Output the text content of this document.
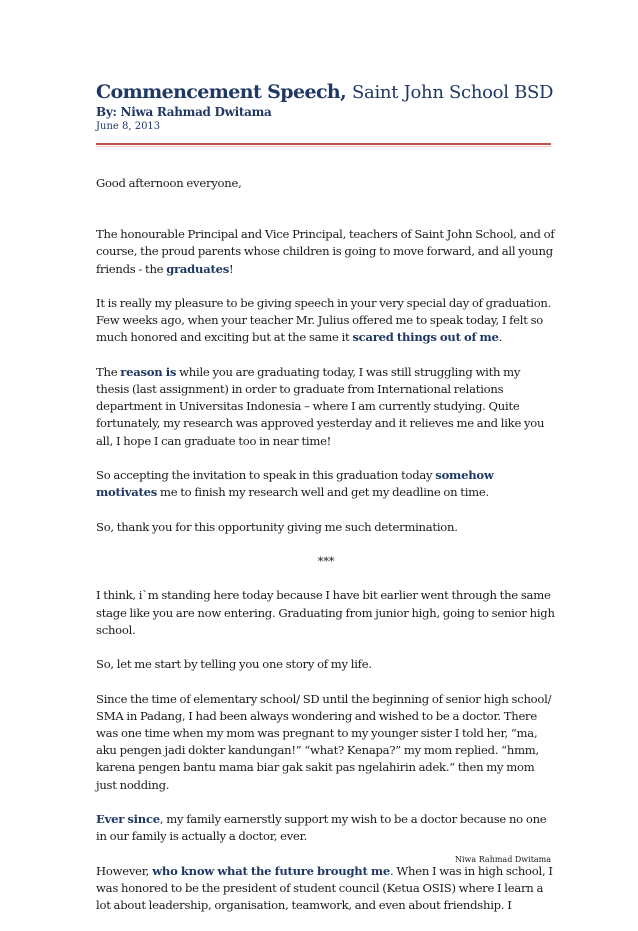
Commencement Speech, Saint John School BSD
By: Niwa Rahmad Dwitama
June 8, 2013

Good afternoon everyone,

The honourable Principal and Vice Principal, teachers of Saint John School, and of course, the proud parents whose children is going to move forward, and all young friends - the graduates!

It is really my pleasure to be giving speech in your very special day of graduation. Few weeks ago, when your teacher Mr. Julius offered me to speak today, I felt so much honored and exciting but at the same it scared things out of me.

The reason is while you are graduating today, I was still struggling with my thesis (last assignment) in order to graduate from International relations department in Universitas Indonesia – where I am currently studying. Quite fortunately, my research was approved yesterday and it relieves me and like you all, I hope I can graduate too in near time!

So accepting the invitation to speak in this graduation today somehow motivates me to finish my research well and get my deadline on time.

So, thank you for this opportunity giving me such determination.

***

I think, i`m standing here today because I have bit earlier went through the same stage like you are now entering. Graduating from junior high, going to senior high school.

So, let me start by telling you one story of my life.

Since the time of elementary school/ SD until the beginning of senior high school/ SMA in Padang, I had been always wondering and wished to be a doctor. There was one time when my mom was pregnant to my younger sister I told her, “ma, aku pengen jadi dokter kandungan!” “what? Kenapa?” my mom replied. “hmm, karena pengen bantu mama biar gak sakit pas ngelahirin adek.“ then my mom just nodding.

Ever since, my family earnerstly support my wish to be a doctor because no one in our family is actually a doctor, ever.

However, who know what the future brought me. When I was in high school, I was honored to be the president of student council (Ketua OSIS) where I learn a lot about leadership, organisation, teamwork, and even about friendship. I

Niwa Rahmad Dwitama
